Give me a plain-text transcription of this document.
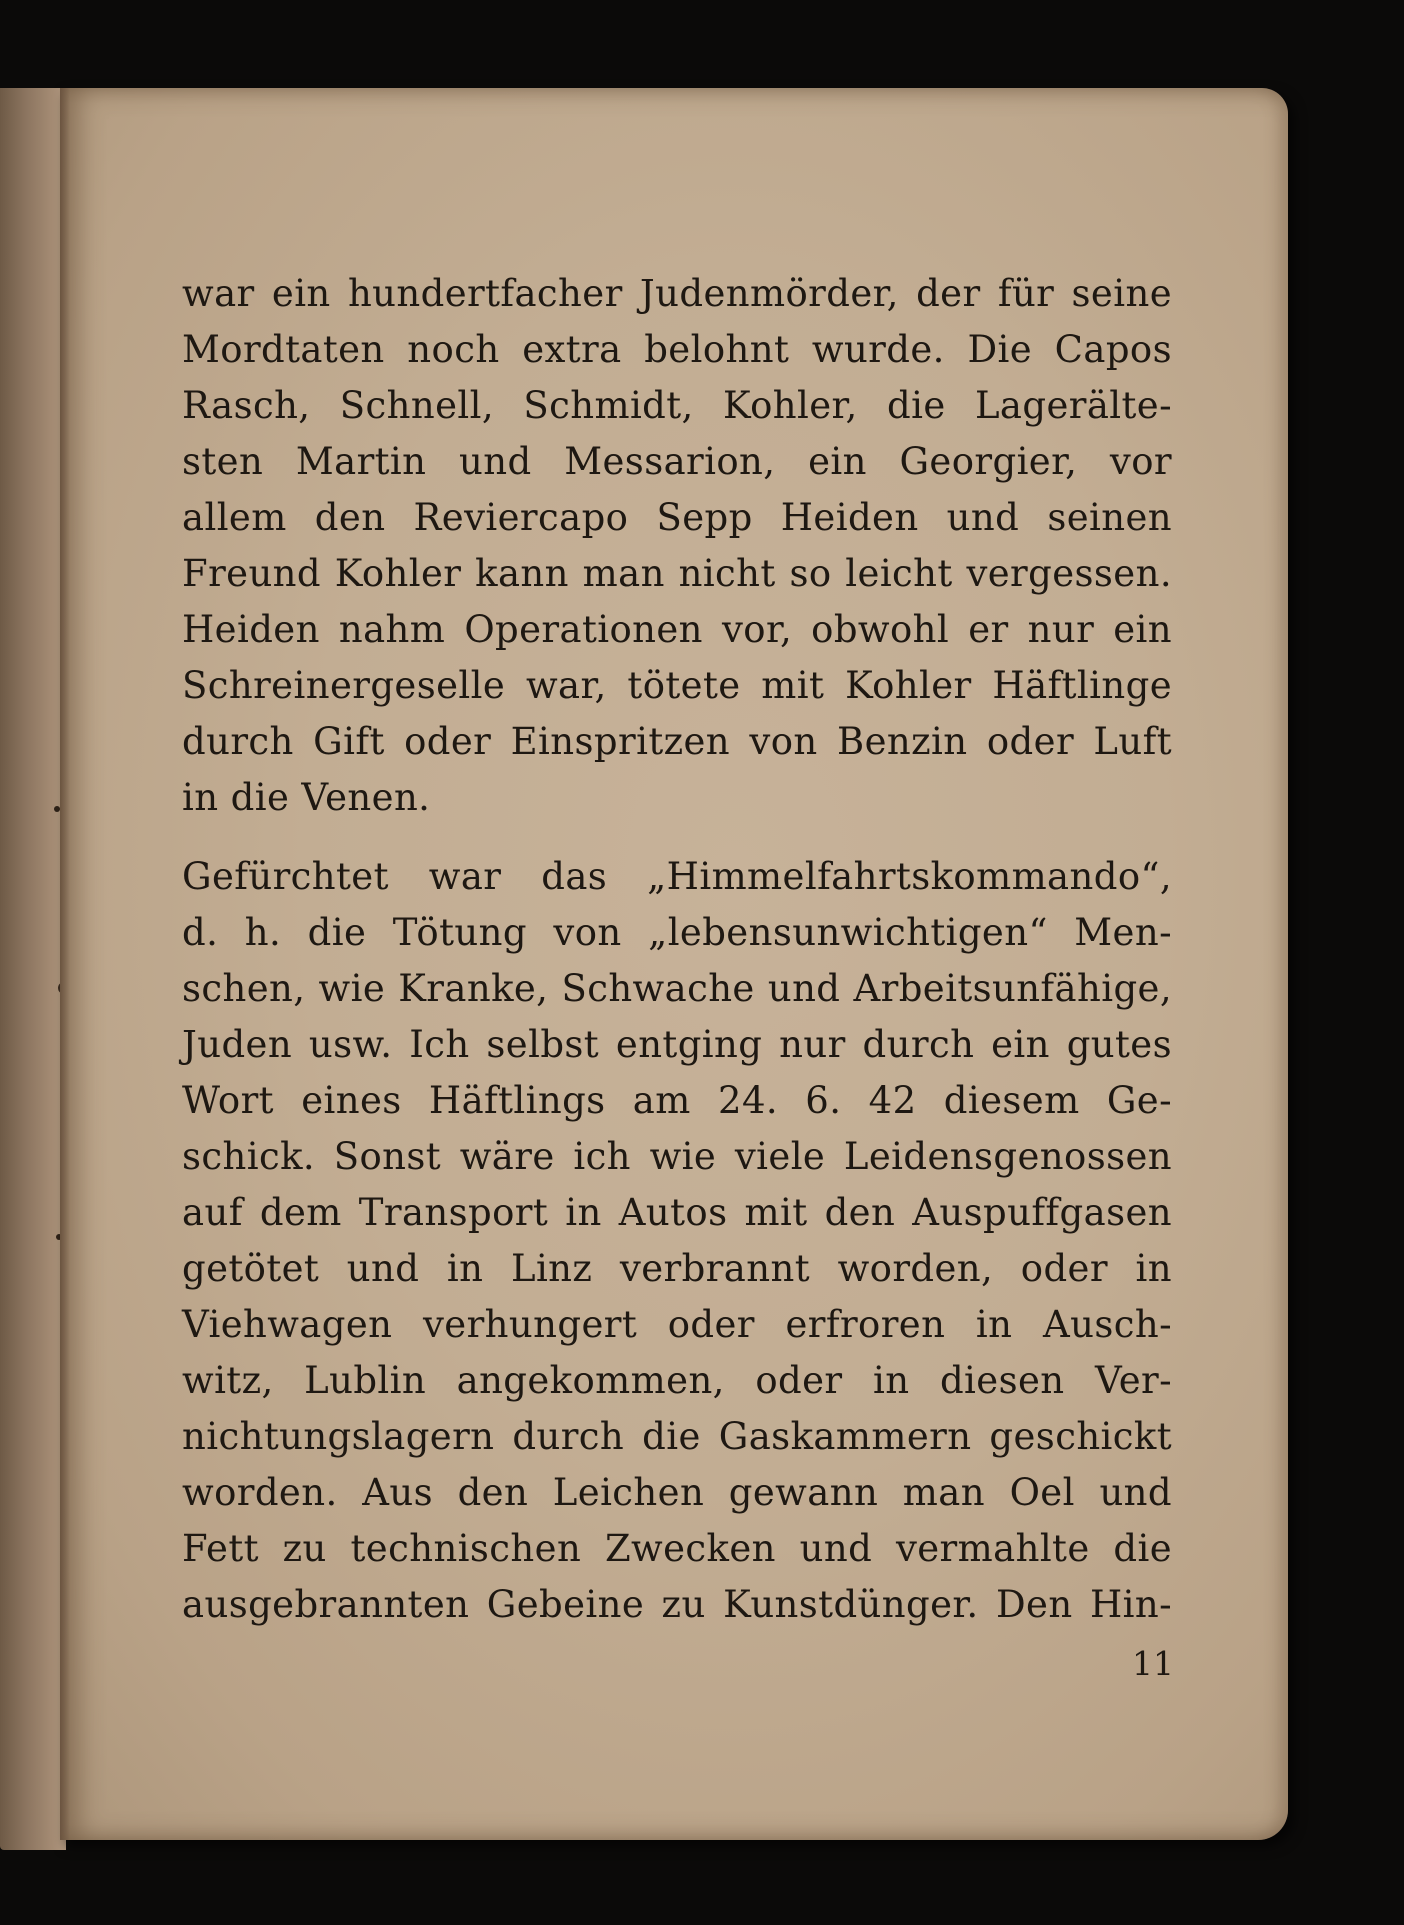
war ein hundertfacher Judenmörder, der für seine
Mordtaten noch extra belohnt wurde. Die Capos
Rasch, Schnell, Schmidt, Kohler, die Lagerälte-
sten Martin und Messarion, ein Georgier, vor
allem den Reviercapo Sepp Heiden und seinen
Freund Kohler kann man nicht so leicht vergessen.
Heiden nahm Operationen vor, obwohl er nur ein
Schreinergeselle war, tötete mit Kohler Häftlinge
durch Gift oder Einspritzen von Benzin oder Luft
in die Venen.
Gefürchtet war das „Himmelfahrtskommando“,
d. h. die Tötung von „lebensunwichtigen“ Men-
schen, wie Kranke, Schwache und Arbeitsunfähige,
Juden usw. Ich selbst entging nur durch ein gutes
Wort eines Häftlings am 24. 6. 42 diesem Ge-
schick. Sonst wäre ich wie viele Leidensgenossen
auf dem Transport in Autos mit den Auspuffgasen
getötet und in Linz verbrannt worden, oder in
Viehwagen verhungert oder erfroren in Ausch-
witz, Lublin angekommen, oder in diesen Ver-
nichtungslagern durch die Gaskammern geschickt
worden. Aus den Leichen gewann man Oel und
Fett zu technischen Zwecken und vermahlte die
ausgebrannten Gebeine zu Kunstdünger. Den Hin-
11
